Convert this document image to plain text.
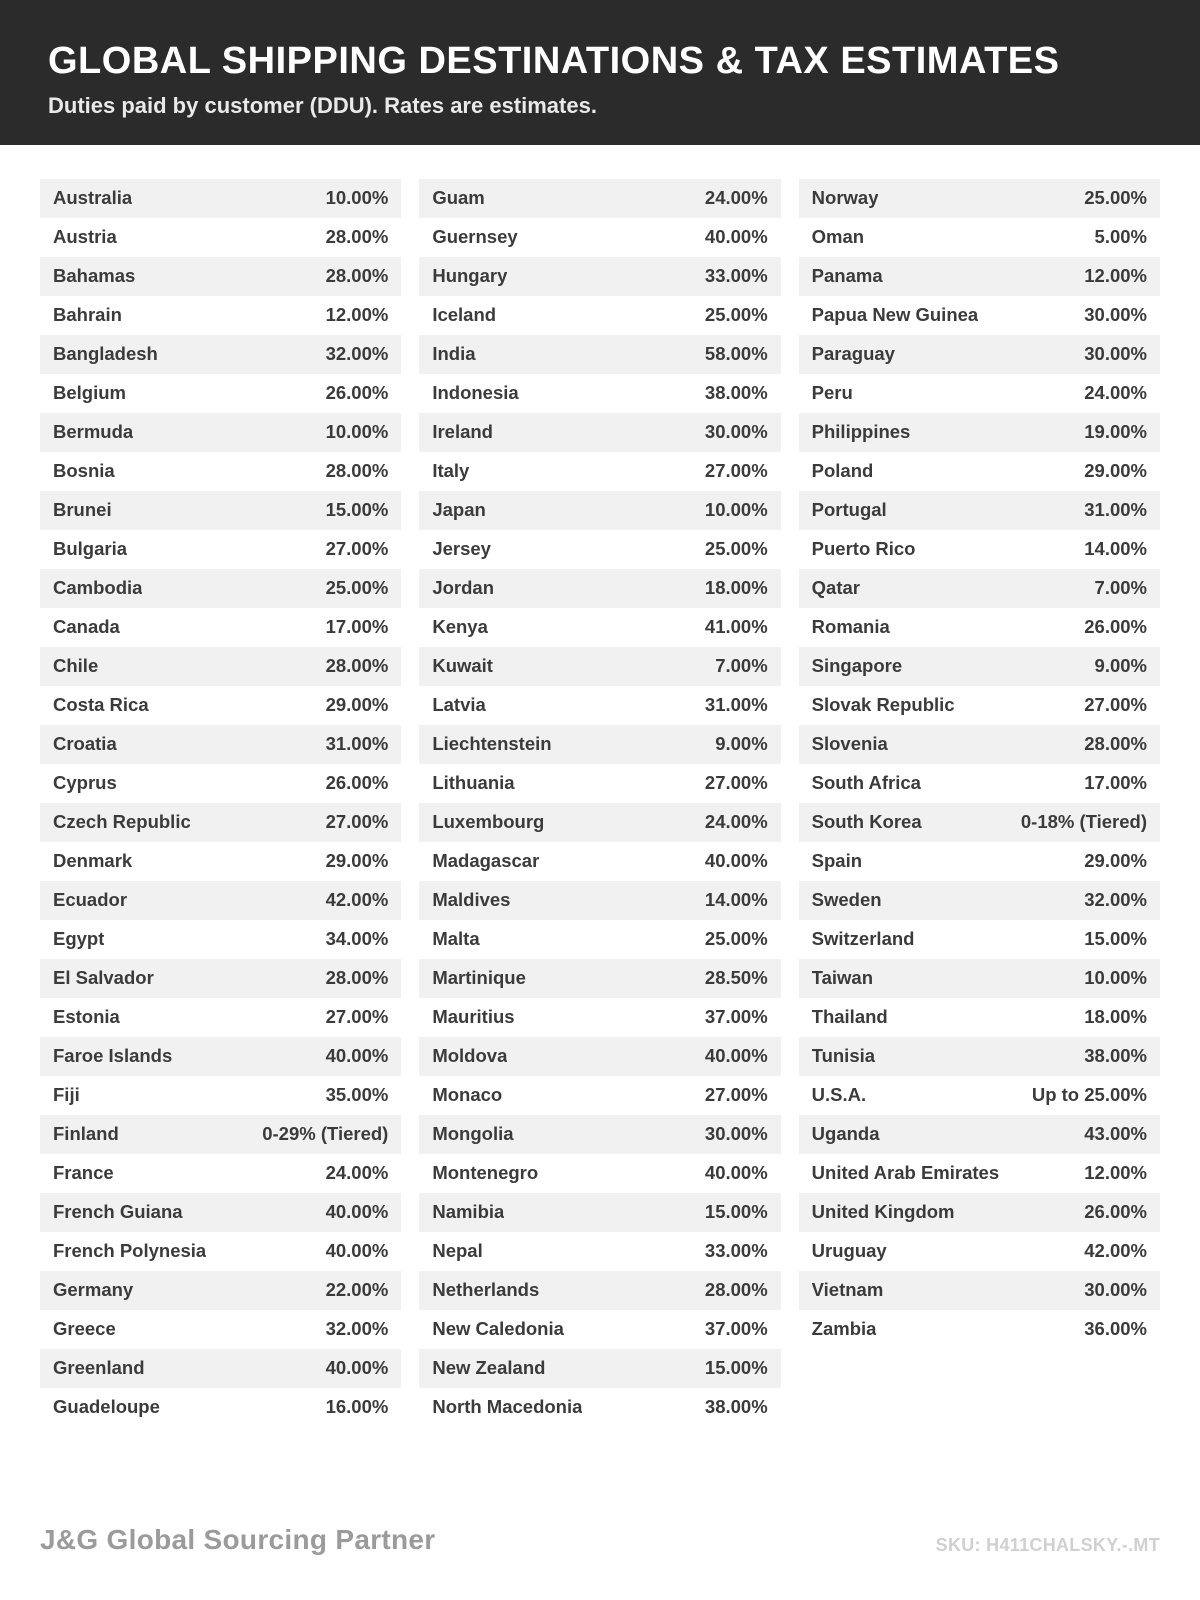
GLOBAL SHIPPING DESTINATIONS & TAX ESTIMATES

Duties paid by customer (DDU). Rates are estimates.

Australia	10.00%
Austria	28.00%
Bahamas	28.00%
Bahrain	12.00%
Bangladesh	32.00%
Belgium	26.00%
Bermuda	10.00%
Bosnia	28.00%
Brunei	15.00%
Bulgaria	27.00%
Cambodia	25.00%
Canada	17.00%
Chile	28.00%
Costa Rica	29.00%
Croatia	31.00%
Cyprus	26.00%
Czech Republic	27.00%
Denmark	29.00%
Ecuador	42.00%
Egypt	34.00%
El Salvador	28.00%
Estonia	27.00%
Faroe Islands	40.00%
Fiji	35.00%
Finland	0-29% (Tiered)
France	24.00%
French Guiana	40.00%
French Polynesia	40.00%
Germany	22.00%
Greece	32.00%
Greenland	40.00%
Guadeloupe	16.00%
Guam	24.00%
Guernsey	40.00%
Hungary	33.00%
Iceland	25.00%
India	58.00%
Indonesia	38.00%
Ireland	30.00%
Italy	27.00%
Japan	10.00%
Jersey	25.00%
Jordan	18.00%
Kenya	41.00%
Kuwait	7.00%
Latvia	31.00%
Liechtenstein	9.00%
Lithuania	27.00%
Luxembourg	24.00%
Madagascar	40.00%
Maldives	14.00%
Malta	25.00%
Martinique	28.50%
Mauritius	37.00%
Moldova	40.00%
Monaco	27.00%
Mongolia	30.00%
Montenegro	40.00%
Namibia	15.00%
Nepal	33.00%
Netherlands	28.00%
New Caledonia	37.00%
New Zealand	15.00%
North Macedonia	38.00%
Norway	25.00%
Oman	5.00%
Panama	12.00%
Papua New Guinea	30.00%
Paraguay	30.00%
Peru	24.00%
Philippines	19.00%
Poland	29.00%
Portugal	31.00%
Puerto Rico	14.00%
Qatar	7.00%
Romania	26.00%
Singapore	9.00%
Slovak Republic	27.00%
Slovenia	28.00%
South Africa	17.00%
South Korea	0-18% (Tiered)
Spain	29.00%
Sweden	32.00%
Switzerland	15.00%
Taiwan	10.00%
Thailand	18.00%
Tunisia	38.00%
U.S.A.	Up to 25.00%
Uganda	43.00%
United Arab Emirates	12.00%
United Kingdom	26.00%
Uruguay	42.00%
Vietnam	30.00%
Zambia	36.00%
J&G Global Sourcing Partner	SKU: H411CHALSKY.-.MT
